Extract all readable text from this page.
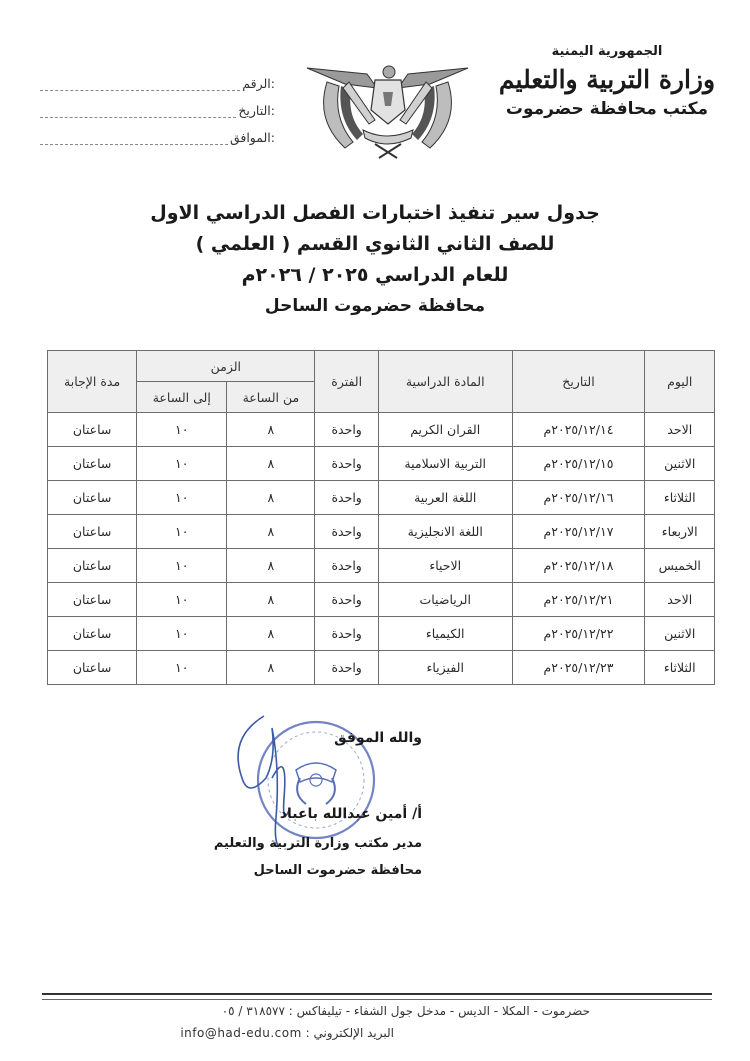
الجمهورية اليمنية
وزارة التربية والتعليم
مكتب محافظة حضرموت
الرقم:
التاريخ:
الموافق:
جدول سير تنفيذ اختبارات الفصل الدراسي الاول
للصف الثاني الثانوي القسم ( العلمي )
للعام الدراسي ٢٠٢٥ / ٢٠٢٦م
محافظة حضرموت الساحل
اليوم	التاريخ	المادة الدراسية	الفترة	الزمن		مدة الإجابة
				من الساعة	إلى الساعة	
الاحد	٢٠٢٥/١٢/١٤م	القران الكريم	واحدة	٨	١٠	ساعتان
الاثنين	٢٠٢٥/١٢/١٥م	التربية الاسلامية	واحدة	٨	١٠	ساعتان
الثلاثاء	٢٠٢٥/١٢/١٦م	اللغة العربية	واحدة	٨	١٠	ساعتان
الاربعاء	٢٠٢٥/١٢/١٧م	اللغة الانجليزية	واحدة	٨	١٠	ساعتان
الخميس	٢٠٢٥/١٢/١٨م	الاحياء	واحدة	٨	١٠	ساعتان
الاحد	٢٠٢٥/١٢/٢١م	الرياضيات	واحدة	٨	١٠	ساعتان
الاثنين	٢٠٢٥/١٢/٢٢م	الكيمياء	واحدة	٨	١٠	ساعتان
الثلاثاء	٢٠٢٥/١٢/٢٣م	الفيزياء	واحدة	٨	١٠	ساعتان
والله الموفق
أ/ أمين عبدالله باعباد
مدير مكتب وزارة التربية والتعليم
محافظة حضرموت الساحل
حضرموت - المكلا - الديس - مدخل جول الشفاء - تيليفاكس : ٣١٨٥٧٧ / ٠٥
البريد الإلكتروني : info@had-edu.com
